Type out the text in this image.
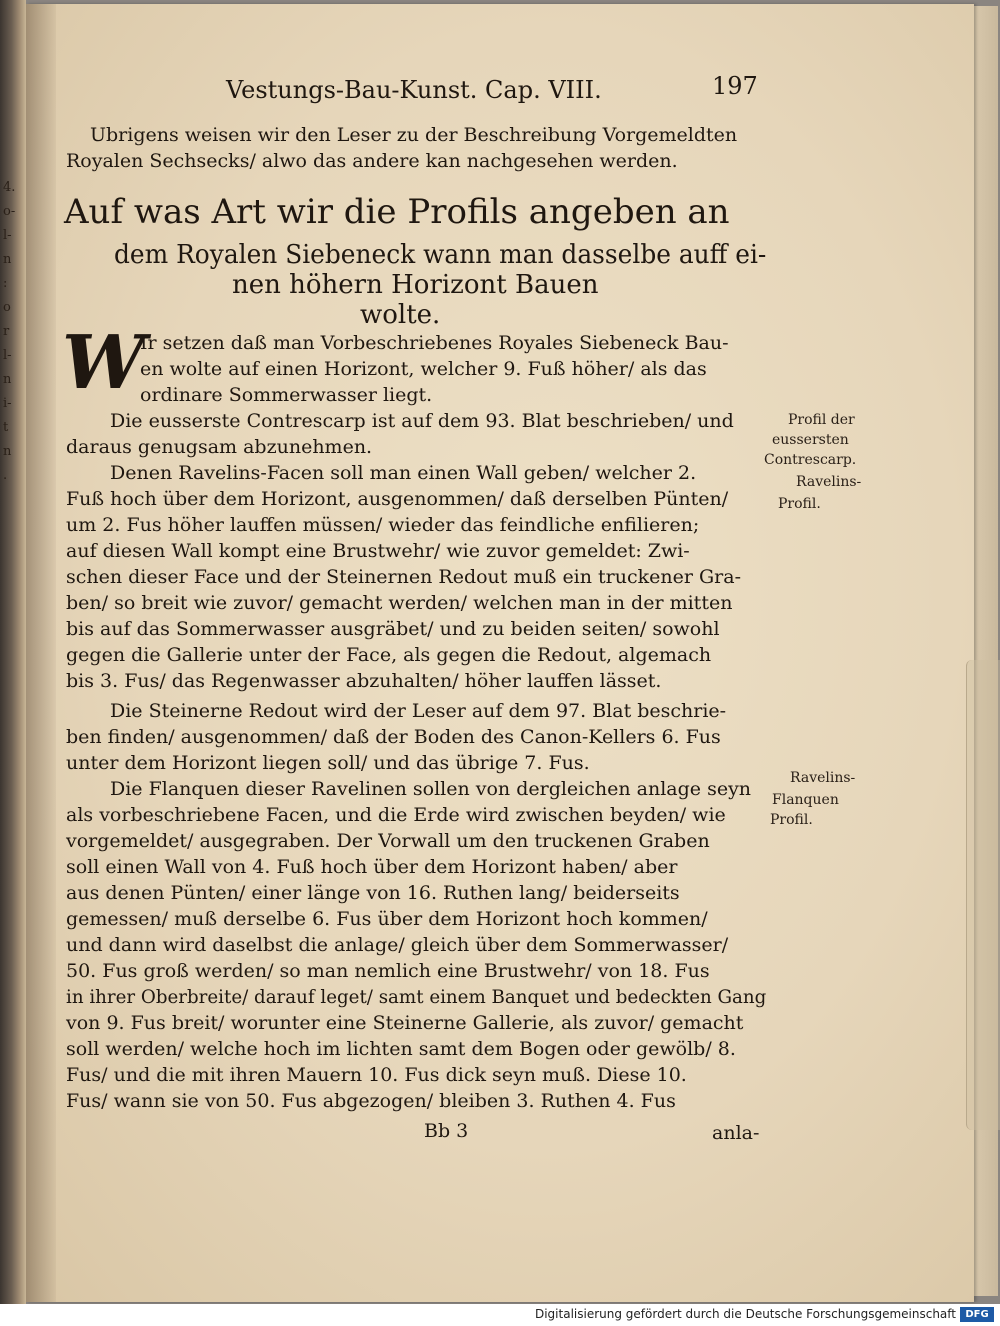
4.
o-
l-
n
:
o
r
l-
n
i-
t
n
.
Vestungs-Bau-Kunst. Cap. VIII.	197
Ubrigens weisen wir den Leser zu der Beschreibung Vorgemeldten
Royalen Sechsecks/ alwo das andere kan nachgesehen werden.
Auf was Art wir die Profils angeben an
dem Royalen Siebeneck wann man dasselbe auff ei-
nen höhern Horizont Bauen
wolte.
W
Ir setzen daß man Vorbeschriebenes Royales Siebeneck Bau-
en wolte auf einen Horizont, welcher 9. Fuß höher/ als das
ordinare Sommerwasser liegt.
Die eusserste Contrescarp ist auf dem 93. Blat beschrieben/ und
daraus genugsam abzunehmen.
Denen Ravelins-Facen soll man einen Wall geben/ welcher 2.
Fuß hoch über dem Horizont, ausgenommen/ daß derselben Pünten/
um 2. Fus höher lauffen müssen/ wieder das feindliche enfilieren;
auf diesen Wall kompt eine Brustwehr/ wie zuvor gemeldet: Zwi-
schen dieser Face und der Steinernen Redout muß ein truckener Gra-
ben/ so breit wie zuvor/ gemacht werden/ welchen man in der mitten
bis auf das Sommerwasser ausgräbet/ und zu beiden seiten/ sowohl
gegen die Gallerie unter der Face, als gegen die Redout, algemach
bis 3. Fus/ das Regenwasser abzuhalten/ höher lauffen lässet.
Die Steinerne Redout wird der Leser auf dem 97. Blat beschrie-
ben finden/ ausgenommen/ daß der Boden des Canon-Kellers 6. Fus
unter dem Horizont liegen soll/ und das übrige 7. Fus.
Die Flanquen dieser Ravelinen sollen von dergleichen anlage seyn
als vorbeschriebene Facen, und die Erde wird zwischen beyden/ wie
vorgemeldet/ ausgegraben. Der Vorwall um den truckenen Graben
soll einen Wall von 4. Fuß hoch über dem Horizont haben/ aber
aus denen Pünten/ einer länge von 16. Ruthen lang/ beiderseits
gemessen/ muß derselbe 6. Fus über dem Horizont hoch kommen/
und dann wird daselbst die anlage/ gleich über dem Sommerwasser/
50. Fus groß werden/ so man nemlich eine Brustwehr/ von 18. Fus
in ihrer Oberbreite/ darauf leget/ samt einem Banquet und bedeckten Gang
von 9. Fus breit/ worunter eine Steinerne Gallerie, als zuvor/ gemacht
soll werden/ welche hoch im lichten samt dem Bogen oder gewölb/ 8.
Fus/ und die mit ihren Mauern 10. Fus dick seyn muß. Diese 10.
Fus/ wann sie von 50. Fus abgezogen/ bleiben 3. Ruthen 4. Fus
Bb 3	anla-
Profil der
eussersten
Contrescarp.
Ravelins-
Profil.
Ravelins-
Flanquen
Profil.
Digitalisierung gefördert durch die Deutsche Forschungsgemeinschaft DFG
